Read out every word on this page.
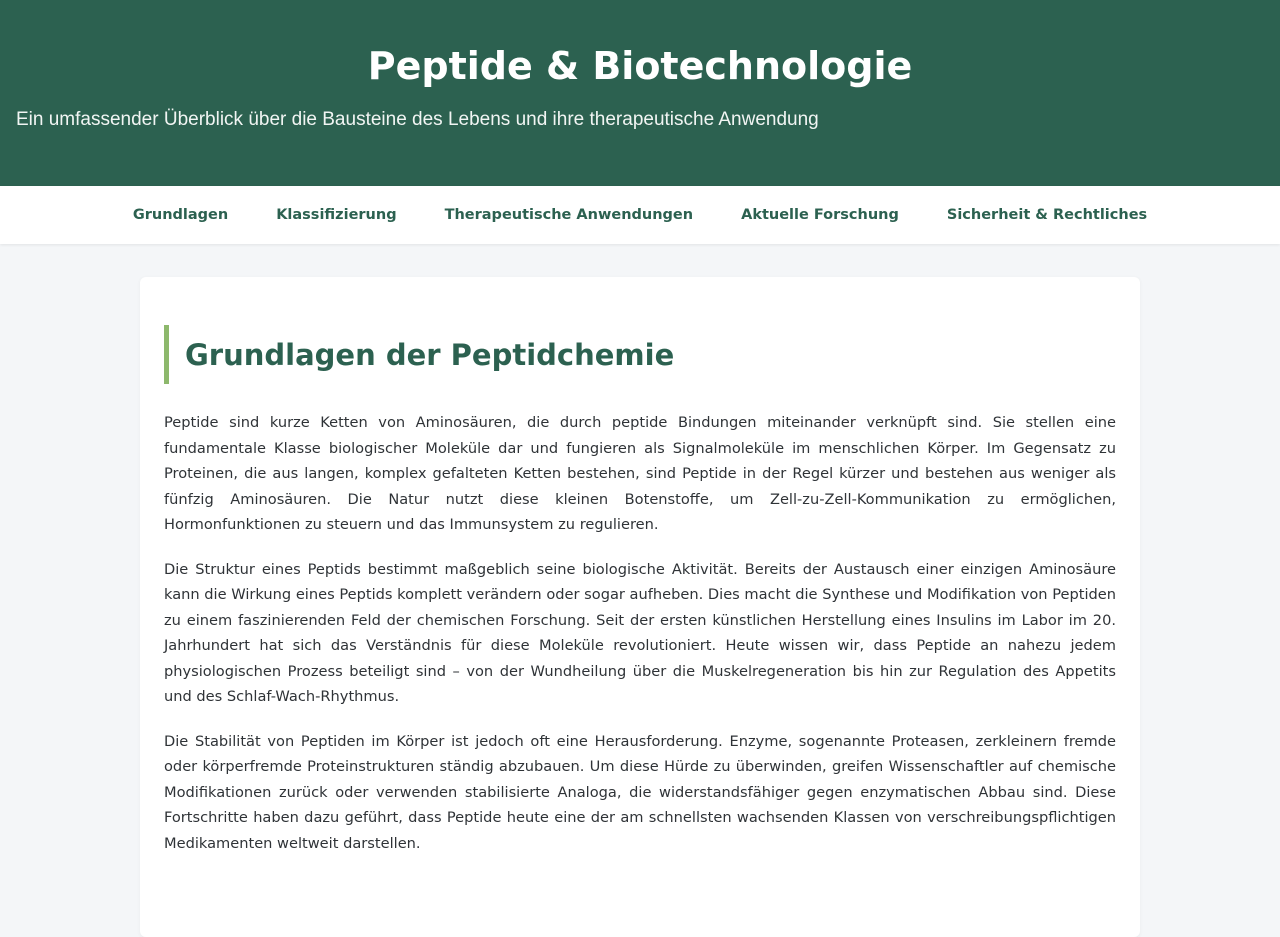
Peptide & Biotechnologie

Ein umfassender Überblick über die Bausteine des Lebens und ihre therapeutische Anwendung

Grundlagen	Klassifizierung	Therapeutische Anwendungen	Aktuelle Forschung	Sicherheit & Rechtliches
Grundlagen der Peptidchemie

Peptide sind kurze Ketten von Aminosäuren, die durch peptide Bindungen miteinander verknüpft sind. Sie stellen eine fundamentale Klasse biologischer Moleküle dar und fungieren als Signalmoleküle im menschlichen Körper. Im Gegensatz zu Proteinen, die aus langen, komplex gefalteten Ketten bestehen, sind Peptide in der Regel kürzer und bestehen aus weniger als fünfzig Aminosäuren. Die Natur nutzt diese kleinen Botenstoffe, um Zell-zu-Zell-Kommunikation zu ermöglichen, Hormonfunktionen zu steuern und das Immunsystem zu regulieren.

Die Struktur eines Peptids bestimmt maßgeblich seine biologische Aktivität. Bereits der Austausch einer einzigen Aminosäure kann die Wirkung eines Peptids komplett verändern oder sogar aufheben. Dies macht die Synthese und Modifikation von Peptiden zu einem faszinierenden Feld der chemischen Forschung. Seit der ersten künstlichen Herstellung eines Insulins im Labor im 20. Jahrhundert hat sich das Verständnis für diese Moleküle revolutioniert. Heute wissen wir, dass Peptide an nahezu jedem physiologischen Prozess beteiligt sind – von der Wundheilung über die Muskelregeneration bis hin zur Regulation des Appetits und des Schlaf-Wach-Rhythmus.

Die Stabilität von Peptiden im Körper ist jedoch oft eine Herausforderung. Enzyme, sogenannte Proteasen, zerkleinern fremde oder körperfremde Proteinstrukturen ständig abzubauen. Um diese Hürde zu überwinden, greifen Wissenschaftler auf chemische Modifikationen zurück oder verwenden stabilisierte Analoga, die widerstandsfähiger gegen enzymatischen Abbau sind. Diese Fortschritte haben dazu geführt, dass Peptide heute eine der am schnellsten wachsenden Klassen von verschreibungspflichtigen Medikamenten weltweit darstellen.
